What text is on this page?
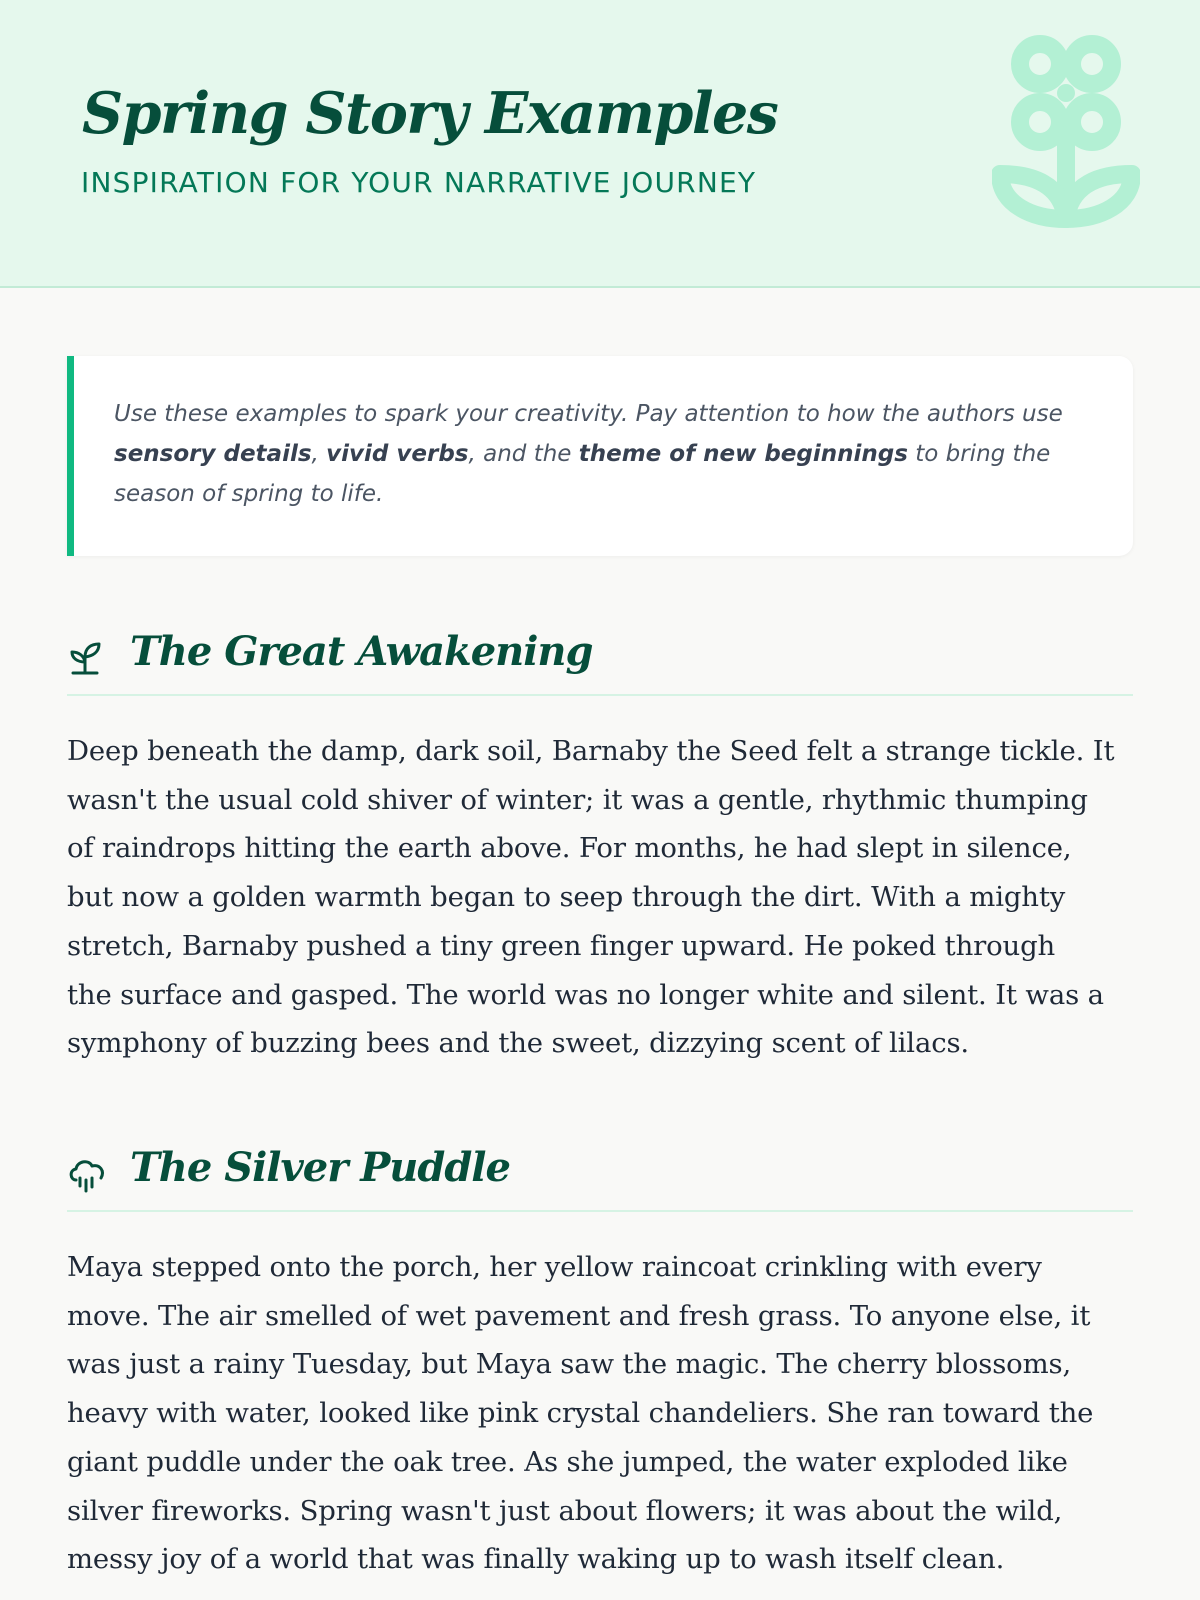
Spring Story Examples
INSPIRATION FOR YOUR NARRATIVE JOURNEY
Use these examples to spark your creativity. Pay attention to how the authors use sensory details, vivid verbs, and the theme of new beginnings to bring the season of spring to life.
The Great Awakening

Deep beneath the damp, dark soil, Barnaby the Seed felt a strange tickle. It
wasn't the usual cold shiver of winter; it was a gentle, rhythmic thumping
of raindrops hitting the earth above. For months, he had slept in silence,
but now a golden warmth began to seep through the dirt. With a mighty
stretch, Barnaby pushed a tiny green finger upward. He poked through
the surface and gasped. The world was no longer white and silent. It was a
symphony of buzzing bees and the sweet, dizzying scent of lilacs.

The Silver Puddle

Maya stepped onto the porch, her yellow raincoat crinkling with every
move. The air smelled of wet pavement and fresh grass. To anyone else, it
was just a rainy Tuesday, but Maya saw the magic. The cherry blossoms,
heavy with water, looked like pink crystal chandeliers. She ran toward the
giant puddle under the oak tree. As she jumped, the water exploded like
silver fireworks. Spring wasn't just about flowers; it was about the wild,
messy joy of a world that was finally waking up to wash itself clean.
